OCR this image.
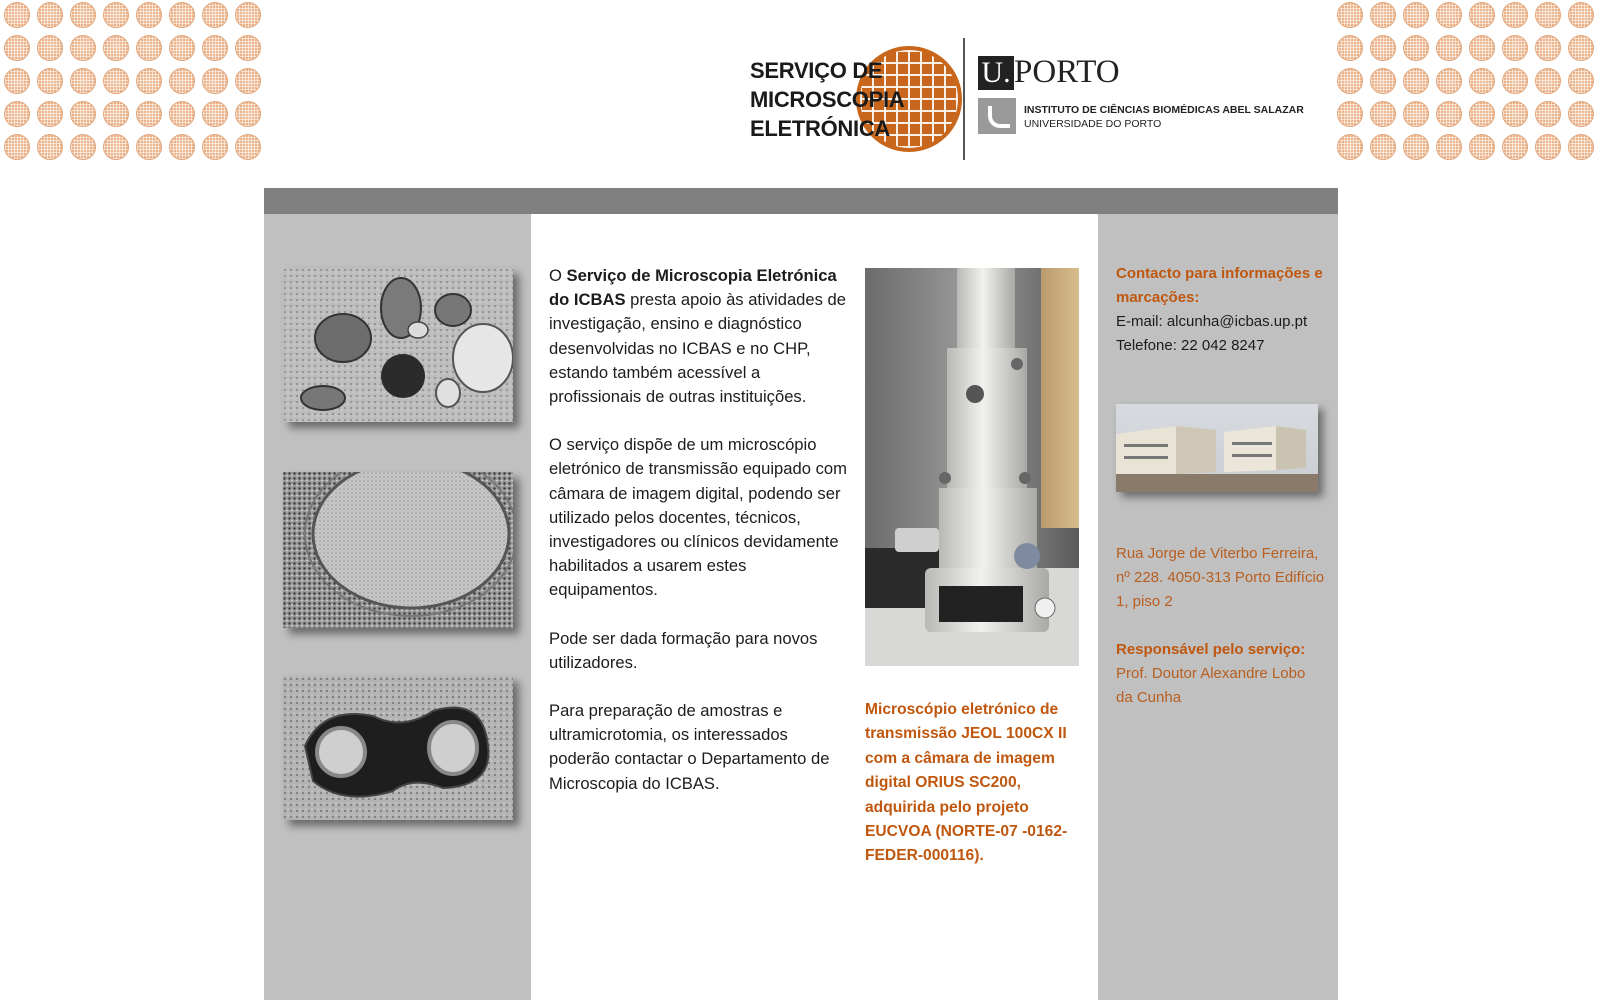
SERVIÇO DE
MICROSCOPIA
ELETRÓNICA
U. PORTO
INSTITUTO DE CIÊNCIAS BIOMÉDICAS ABEL SALAZAR
UNIVERSIDADE DO PORTO

O Serviço de Microscopia Eletrónica do ICBAS presta apoio às atividades de investigação, ensino e diagnóstico desenvolvidas no ICBAS e no CHP, estando também acessível a profissionais de outras instituições.

O serviço dispõe de um microscópio eletrónico de transmissão equipado com câmara de imagem digital, podendo ser utilizado pelos docentes, técnicos, investigadores ou clínicos devidamente habilitados a usarem estes equipamentos.

Pode ser dada formação para novos utilizadores.

Para preparação de amostras e ultramicrotomia, os interessados poderão contactar o Departamento de Microscopia do ICBAS.

Microscópio eletrónico de transmissão JEOL 100CX II com a câmara de imagem digital ORIUS SC200, adquirida pelo projeto EUCVOA (NORTE-07 -0162-FEDER-000116).
Contacto para informações e marcações:
E-mail: alcunha@icbas.up.pt
Telefone: 22 042 8247
Rua Jorge de Viterbo Ferreira, nº 228. 4050-313 Porto Edifício 1, piso 2
Responsável pelo serviço:
Prof. Doutor Alexandre Lobo da Cunha
